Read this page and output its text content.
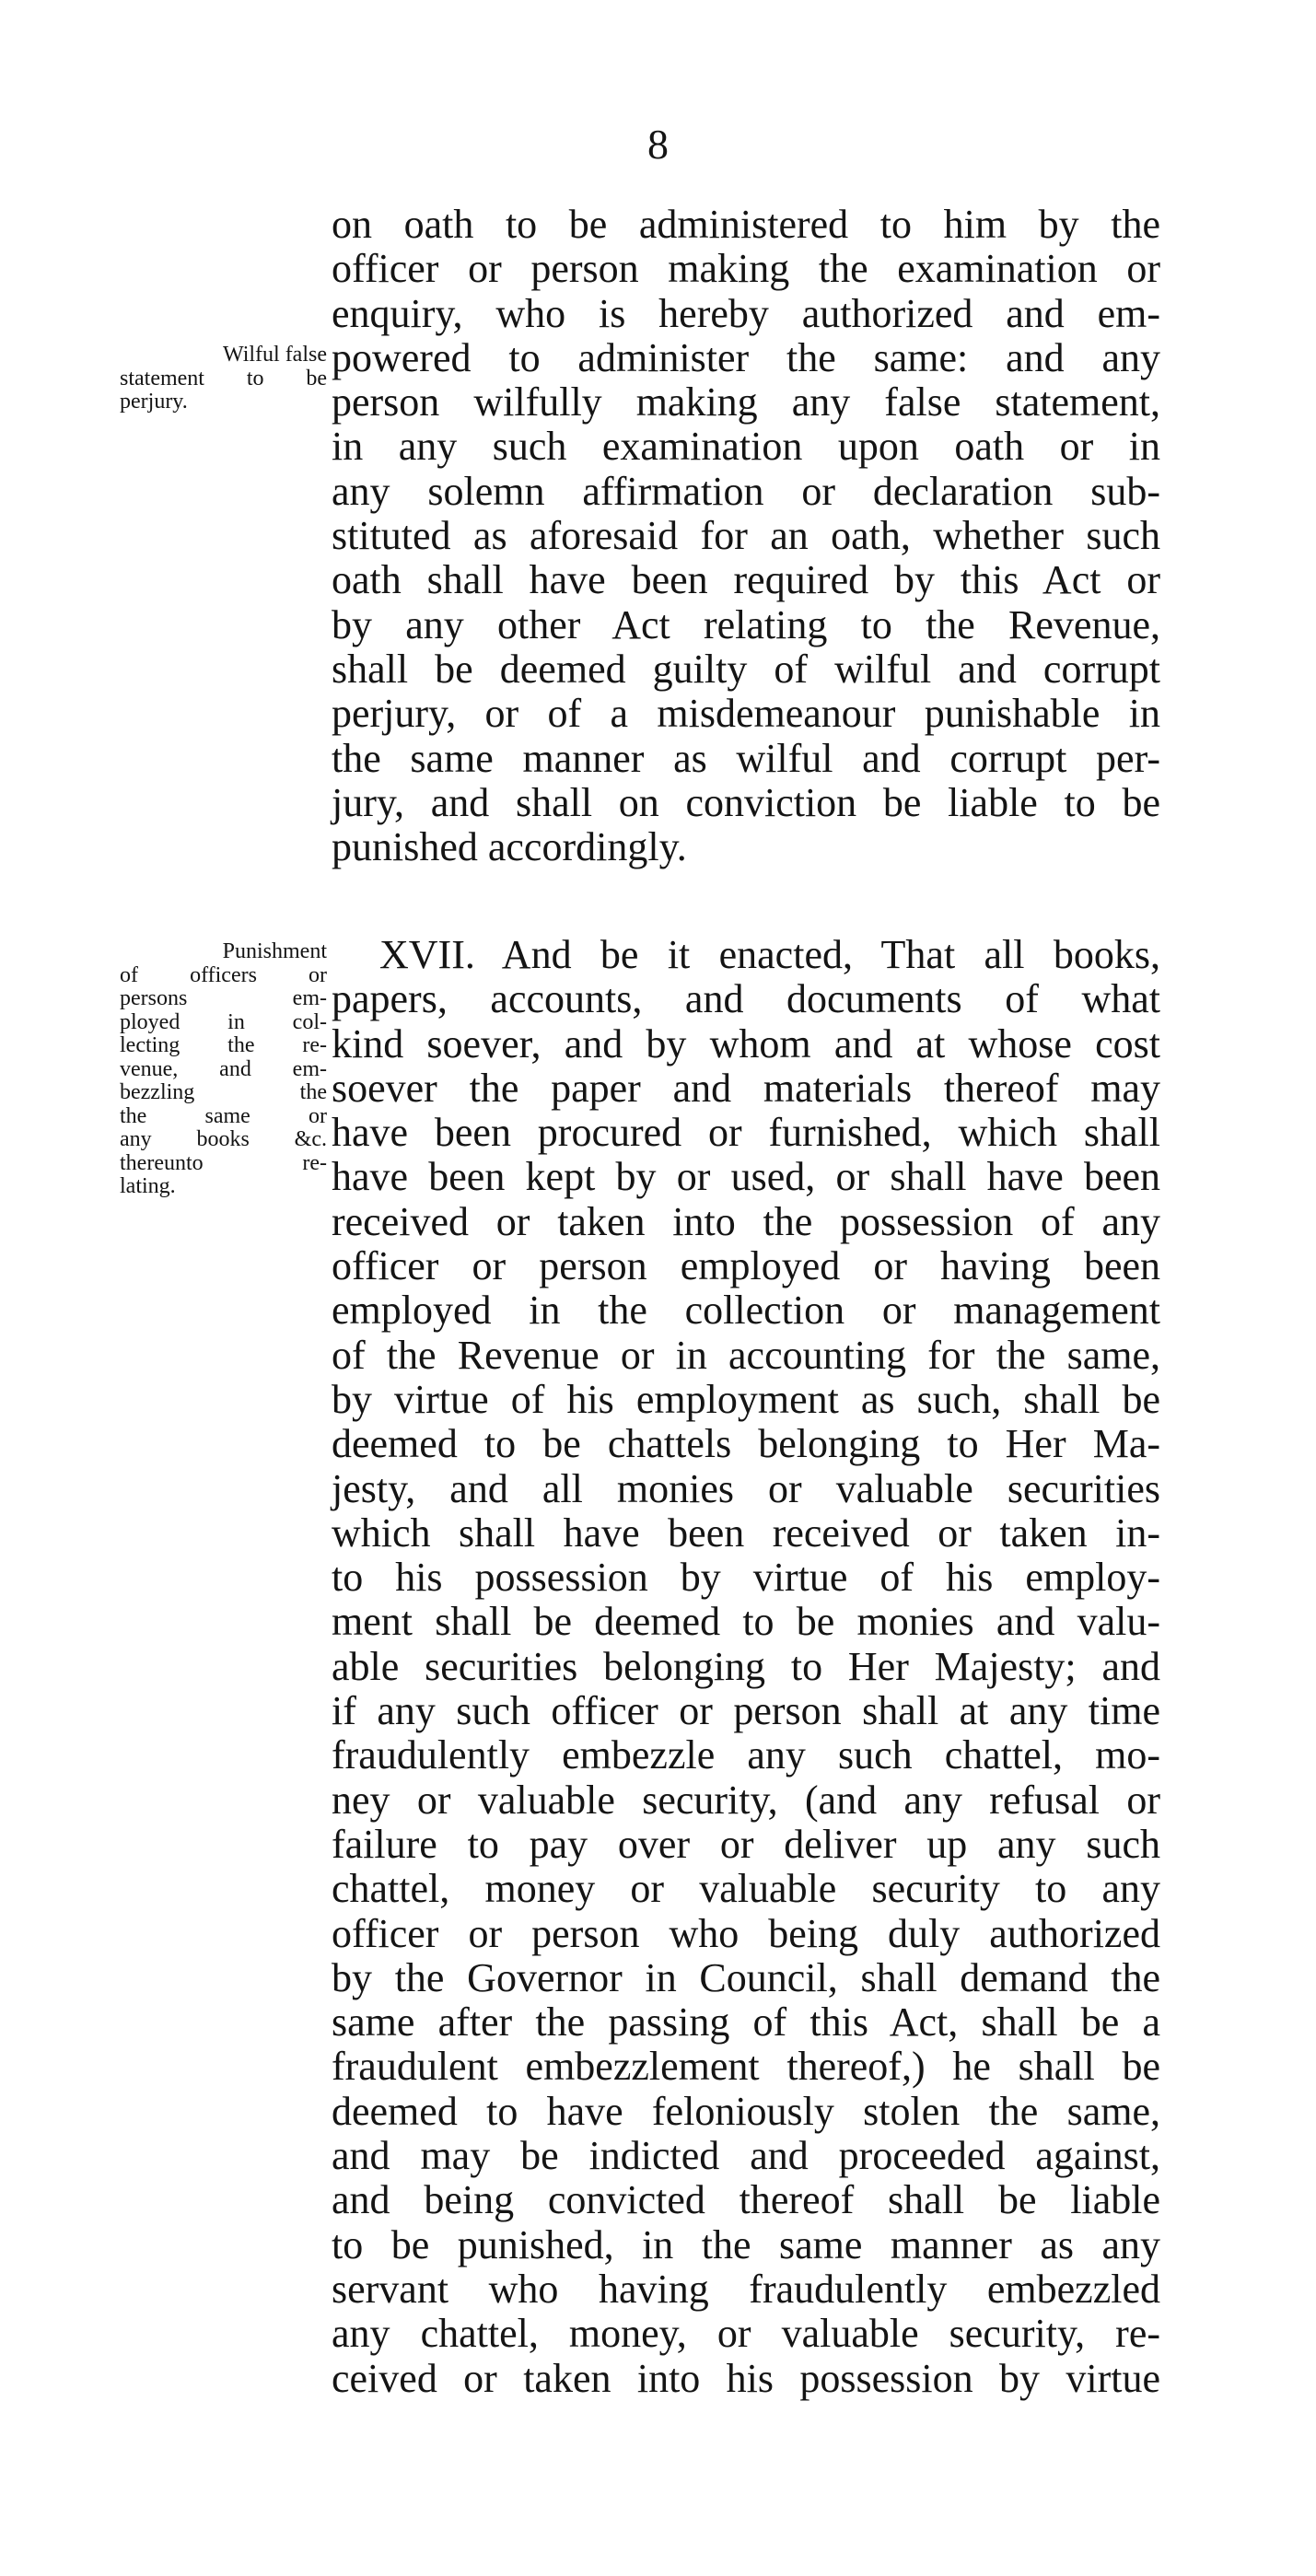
8
Wilful false
statement to be
perjury.
on oath to be administered to him by the
officer or person making the examination or
enquiry, who is hereby authorized and em-
powered to administer the same: and any
person wilfully making any false statement,
in any such examination upon oath or in
any solemn affirmation or declaration sub-
stituted as aforesaid for an oath, whether such
oath shall have been required by this Act or
by any other Act relating to the Revenue,
shall be deemed guilty of wilful and corrupt
perjury, or of a misdemeanour punishable in
the same manner as wilful and corrupt per-
jury, and shall on conviction be liable to be
punished accordingly.
Punishment
of officers or
persons em-
ployed in col-
lecting the re-
venue, and em-
bezzling the
the same or
any books &c.
thereunto re-
lating.
XVII. And be it enacted, That all books,
papers, accounts, and documents of what
kind soever, and by whom and at whose cost
soever the paper and materials thereof may
have been procured or furnished, which shall
have been kept by or used, or shall have been
received or taken into the possession of any
officer or person employed or having been
employed in the collection or management
of the Revenue or in accounting for the same,
by virtue of his employment as such, shall be
deemed to be chattels belonging to Her Ma-
jesty, and all monies or valuable securities
which shall have been received or taken in-
to his possession by virtue of his employ-
ment shall be deemed to be monies and valu-
able securities belonging to Her Majesty; and
if any such officer or person shall at any time
fraudulently embezzle any such chattel, mo-
ney or valuable security, (and any refusal or
failure to pay over or deliver up any such
chattel, money or valuable security to any
officer or person who being duly authorized
by the Governor in Council, shall demand the
same after the passing of this Act, shall be a
fraudulent embezzlement thereof,) he shall be
deemed to have feloniously stolen the same,
and may be indicted and proceeded against,
and being convicted thereof shall be liable
to be punished, in the same manner as any
servant who having fraudulently embezzled
any chattel, money, or valuable security, re-
ceived or taken into his possession by virtue
